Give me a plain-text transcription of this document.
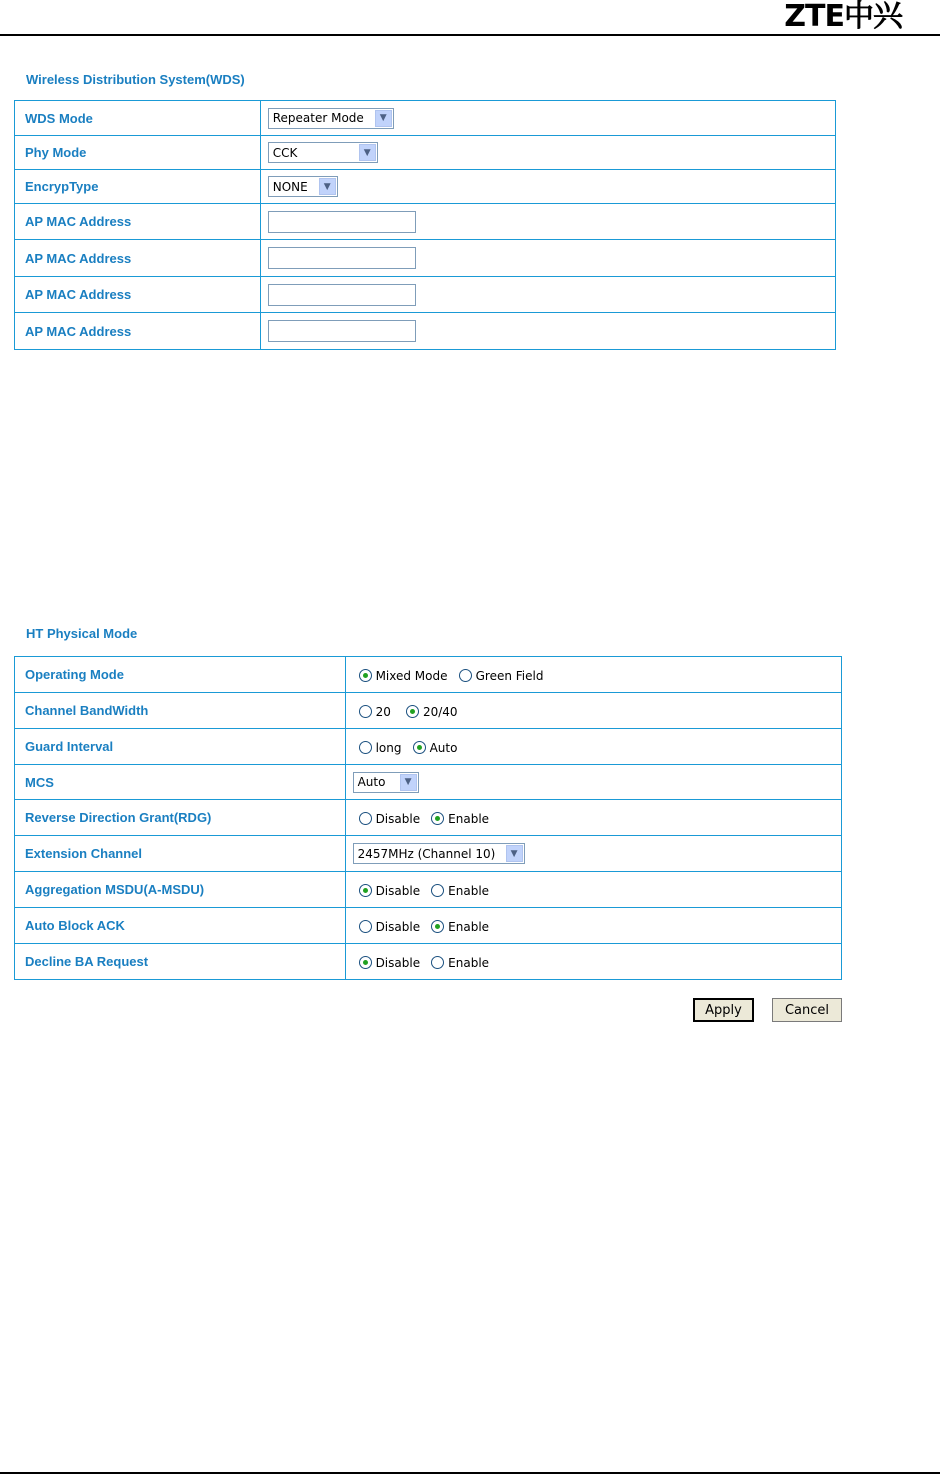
ZTE中兴
Wireless Distribution System(WDS)
WDS Mode	Repeater Mode ▼

Phy Mode	CCK ▼

EncrypType	NONE ▼

AP MAC Address	
AP MAC Address	
AP MAC Address	
AP MAC Address	
HT Physical Mode
Operating Mode	Mixed Mode
Green Field

Channel BandWidth	20
20/40

Guard Interval	long
Auto

MCS	Auto ▼

Reverse Direction Grant(RDG)	Disable
Enable

Extension Channel	2457MHz (Channel 10) ▼

Aggregation MSDU(A-MSDU)	Disable
Enable

Auto Block ACK	Disable
Enable

Decline BA Request	Disable
Enable
Apply	Cancel
